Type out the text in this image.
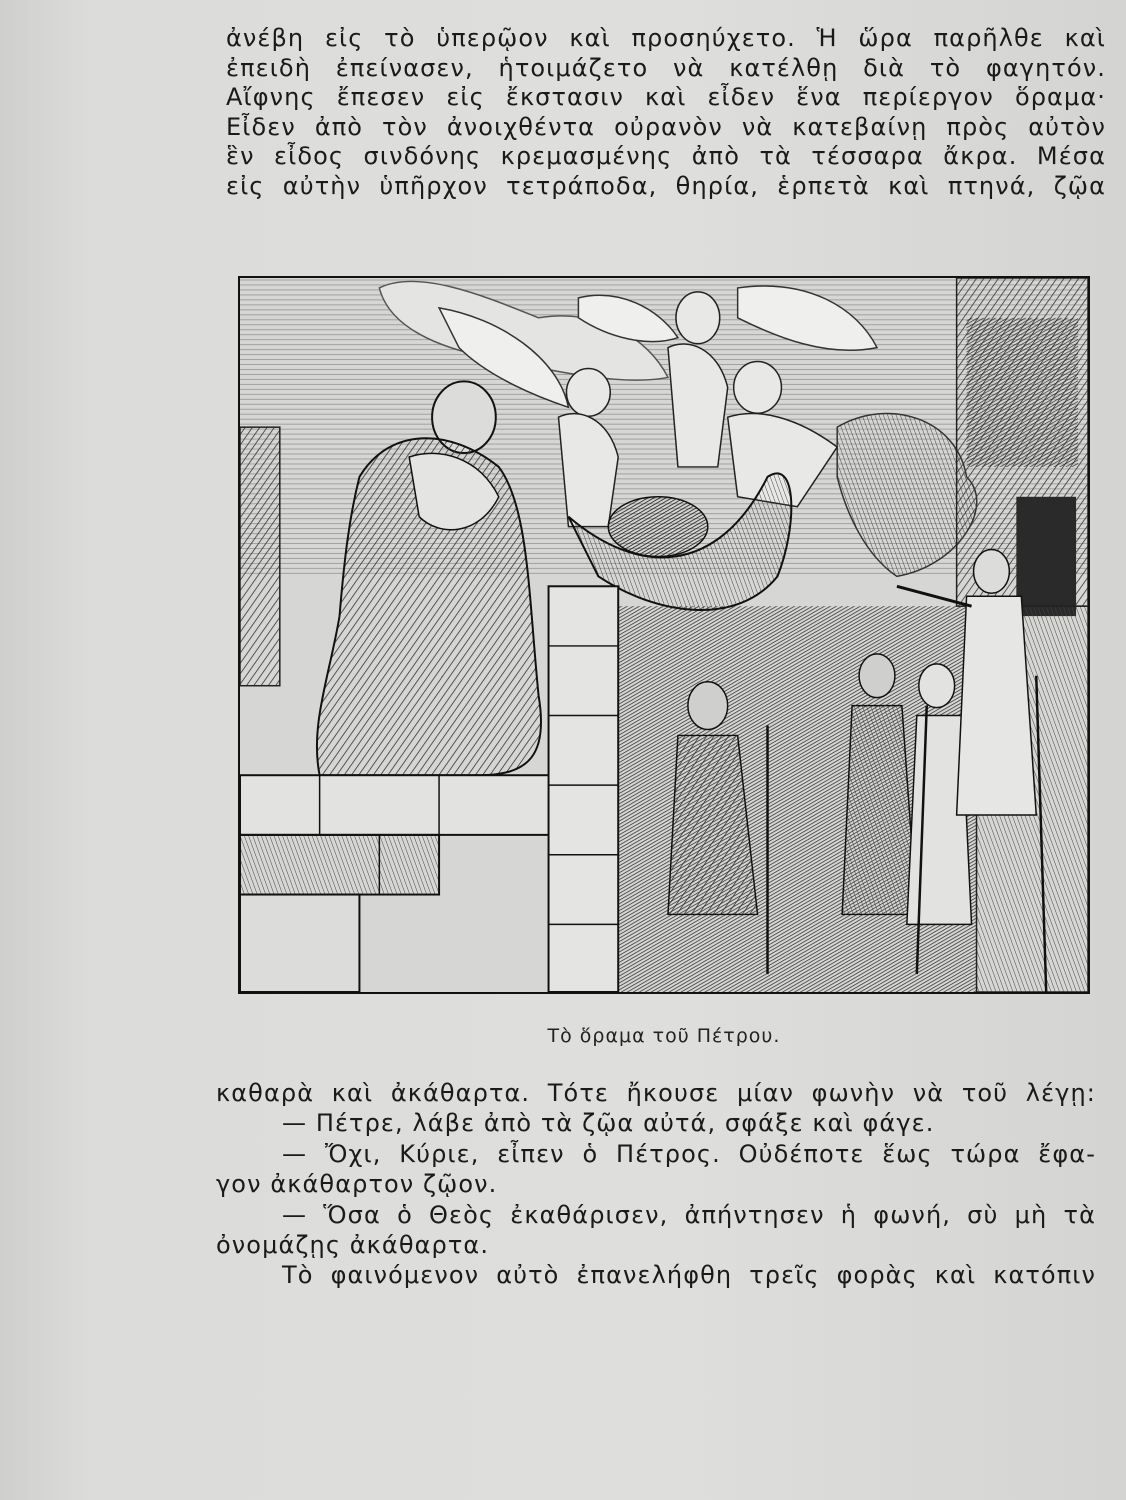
ἀνέβη εἰς τὸ ὑπερῷον καὶ προσηύχετο. Ἡ ὥρα παρῆλθε καὶ
ἐπειδὴ ἐπείνασεν, ἡτοιμάζετο νὰ κατέλθῃ διὰ τὸ φαγητόν.
Αἴφνης ἔπεσεν εἰς ἔκστασιν καὶ εἶδεν ἕνα περίεργον ὅραμα·
Εἶδεν ἀπὸ τὸν ἀνοιχθέντα οὐρανὸν νὰ κατεβαίνῃ πρὸς αὐτὸν
ἓν εἶδος σινδόνης κρεμασμένης ἀπὸ τὰ τέσσαρα ἄκρα. Μέσα
εἰς αὐτὴν ὑπῆρχον τετράποδα, θηρία, ἑρπετὰ καὶ πτηνά, ζῷα
Τὸ ὅραμα τοῦ Πέτρου.
καθαρὰ καὶ ἀκάθαρτα. Τότε ἤκουσε μίαν φωνὴν νὰ τοῦ λέγῃ:
— Πέτρε, λάβε ἀπὸ τὰ ζῷα αὐτά, σφάξε καὶ φάγε.
— Ὄχι, Κύριε, εἶπεν ὁ Πέτρος. Οὐδέποτε ἕως τώρα ἔφα-
γον ἀκάθαρτον ζῷον.
— Ὅσα ὁ Θεὸς ἐκαθάρισεν, ἀπήντησεν ἡ φωνή, σὺ μὴ τὰ
ὀνομάζῃς ἀκάθαρτα.
Τὸ φαινόμενον αὐτὸ ἐπανελήφθη τρεῖς φορὰς καὶ κατόπιν
